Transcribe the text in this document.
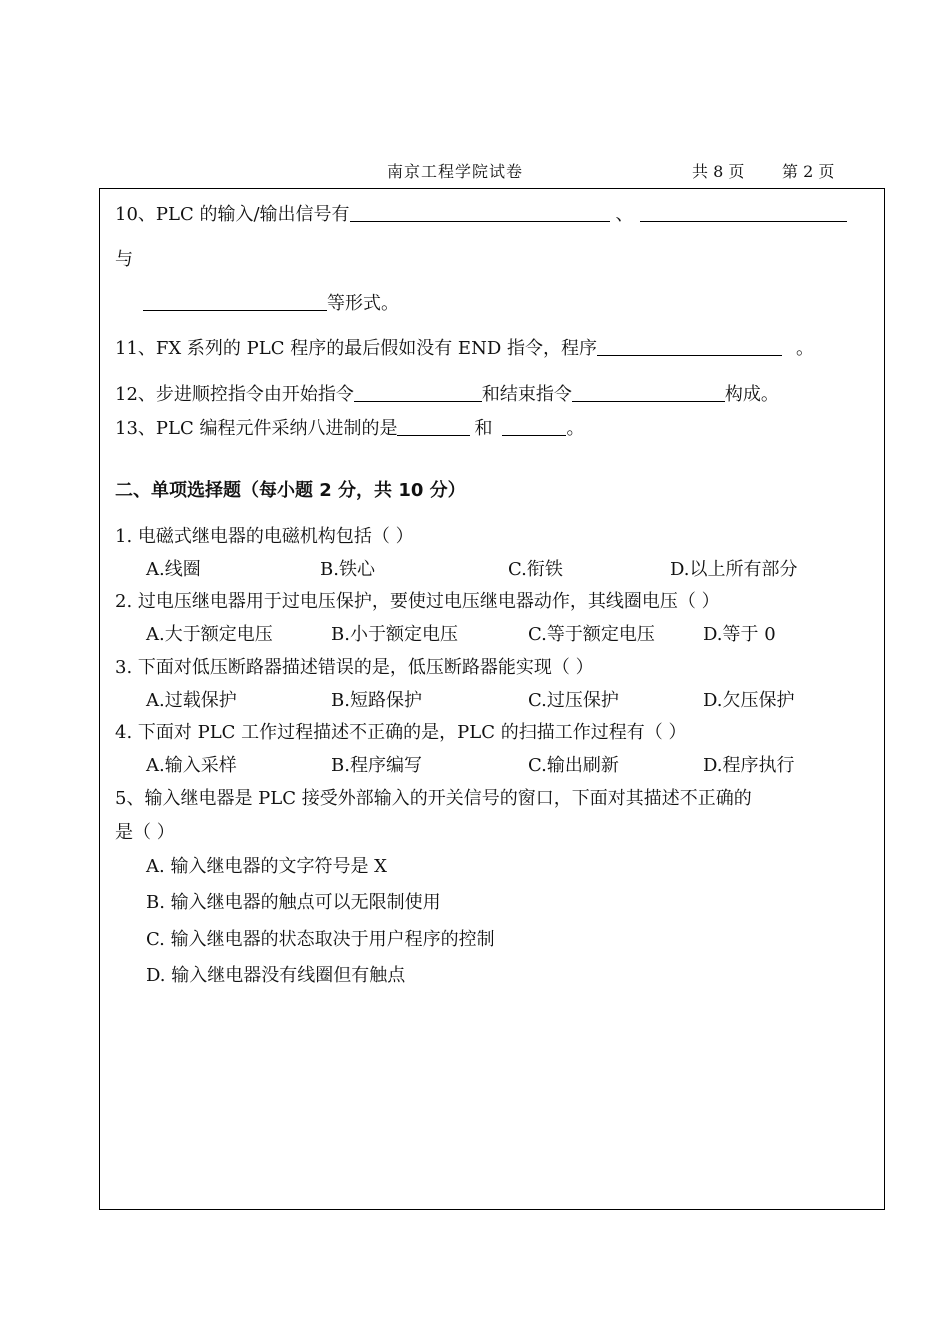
南京工程学院试卷	共 8 页 第 2 页
10、PLC 的输入/输出信号有	、
与
等形式。
11、FX 系列的 PLC 程序的最后假如没有 END 指令，程序	。
12、步进顺控指令由开始指令	和结束指令	构成。
13、PLC 编程元件采纳八进制的是	和	。
二、单项选择题（每小题 2 分，共 10 分）
1. 电磁式继电器的电磁机构包括（ ）
A.线圈	B.铁心	C.衔铁	D.以上所有部分
2. 过电压继电器用于过电压保护，要使过电压继电器动作，其线圈电压（ ）
A.大于额定电压	B.小于额定电压	C.等于额定电压	D.等于 0
3. 下面对低压断路器描述错误的是，低压断路器能实现（ ）
A.过载保护	B.短路保护	C.过压保护	D.欠压保护
4. 下面对 PLC 工作过程描述不正确的是，PLC 的扫描工作过程有（ ）
A.输入采样	B.程序编写	C.输出刷新	D.程序执行
5、输入继电器是 PLC 接受外部输入的开关信号的窗口，下面对其描述不正确的
是（ ）
A. 输入继电器的文字符号是 X
B. 输入继电器的触点可以无限制使用
C. 输入继电器的状态取决于用户程序的控制
D. 输入继电器没有线圈但有触点
